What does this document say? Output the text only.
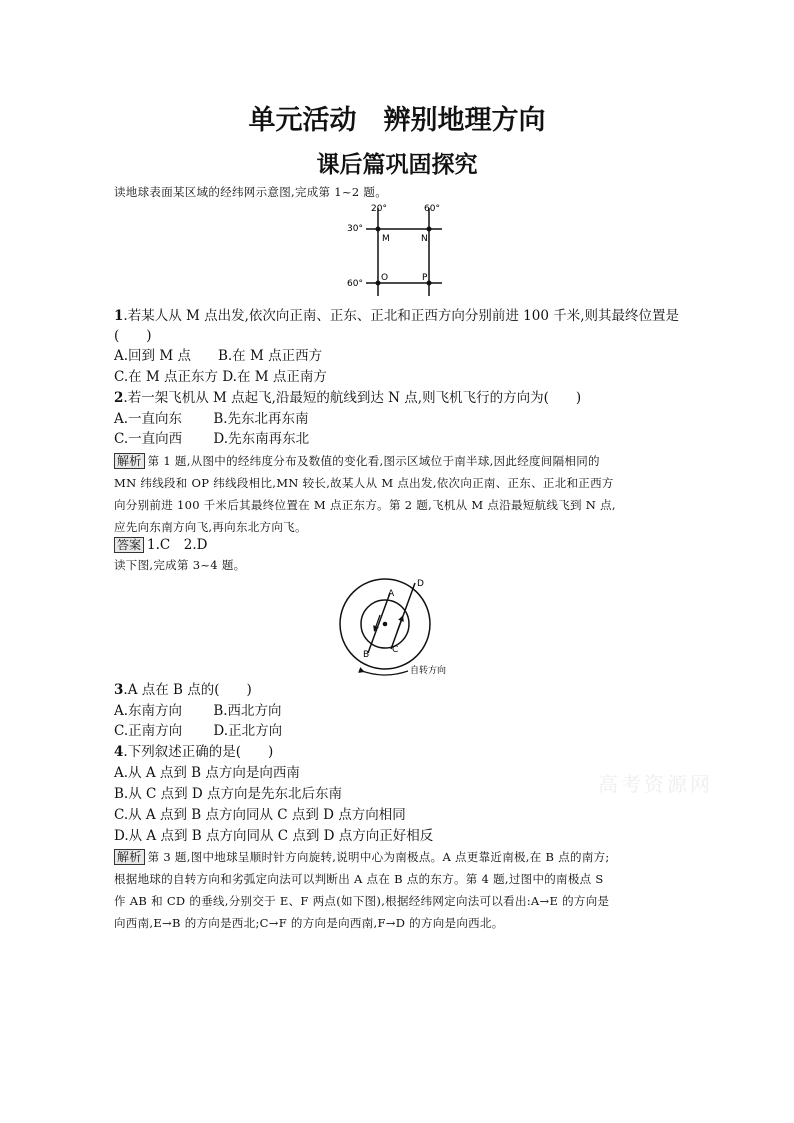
单元活动　辨别地理方向
课后篇巩固探究
读地球表面某区域的经纬网示意图,完成第 1~2 题。
20°	60°
30°
60°
M	N
O	P
1.若某人从 M 点出发,依次向正南、正东、正北和正西方向分别前进 100 千米,则其最终位置是
(　　)
A.回到 M 点　　B.在 M 点正西方
C.在 M 点正东方 D.在 M 点正南方
2.若一架飞机从 M 点起飞,沿最短的航线到达 N 点,则飞机飞行的方向为(　　)
A.一直向东　　 B.先东北再东南
C.一直向西　　 D.先东南再东北
解析 第 1 题,从图中的经纬度分布及数值的变化看,图示区域位于南半球,因此经度间隔相同的
MN 纬线段和 OP 纬线段相比,MN 较长,故某人从 M 点出发,依次向正南、正东、正北和正西方
向分别前进 100 千米后其最终位置在 M 点正东方。第 2 题,飞机从 M 点沿最短航线飞到 N 点,
应先向东南方向飞,再向东北方向飞。
答案 1.C　2.D
读下图,完成第 3~4 题。
A
B	C
D
自转方向
3.A 点在 B 点的(　　)
A.东南方向　　 B.西北方向
C.正南方向　　 D.正北方向
4.下列叙述正确的是(　　)
A.从 A 点到 B 点方向是向西南
B.从 C 点到 D 点方向是先东北后东南
C.从 A 点到 B 点方向同从 C 点到 D 点方向相同
D.从 A 点到 B 点方向同从 C 点到 D 点方向正好相反
解析 第 3 题,图中地球呈顺时针方向旋转,说明中心为南极点。A 点更靠近南极,在 B 点的南方;
根据地球的自转方向和劣弧定向法可以判断出 A 点在 B 点的东方。第 4 题,过图中的南极点 S
作 AB 和 CD 的垂线,分别交于 E、F 两点(如下图),根据经纬网定向法可以看出:A→E 的方向是
向西南,E→B 的方向是西北;C→F 的方向是向西南,F→D 的方向是向西北。
高考资源网
